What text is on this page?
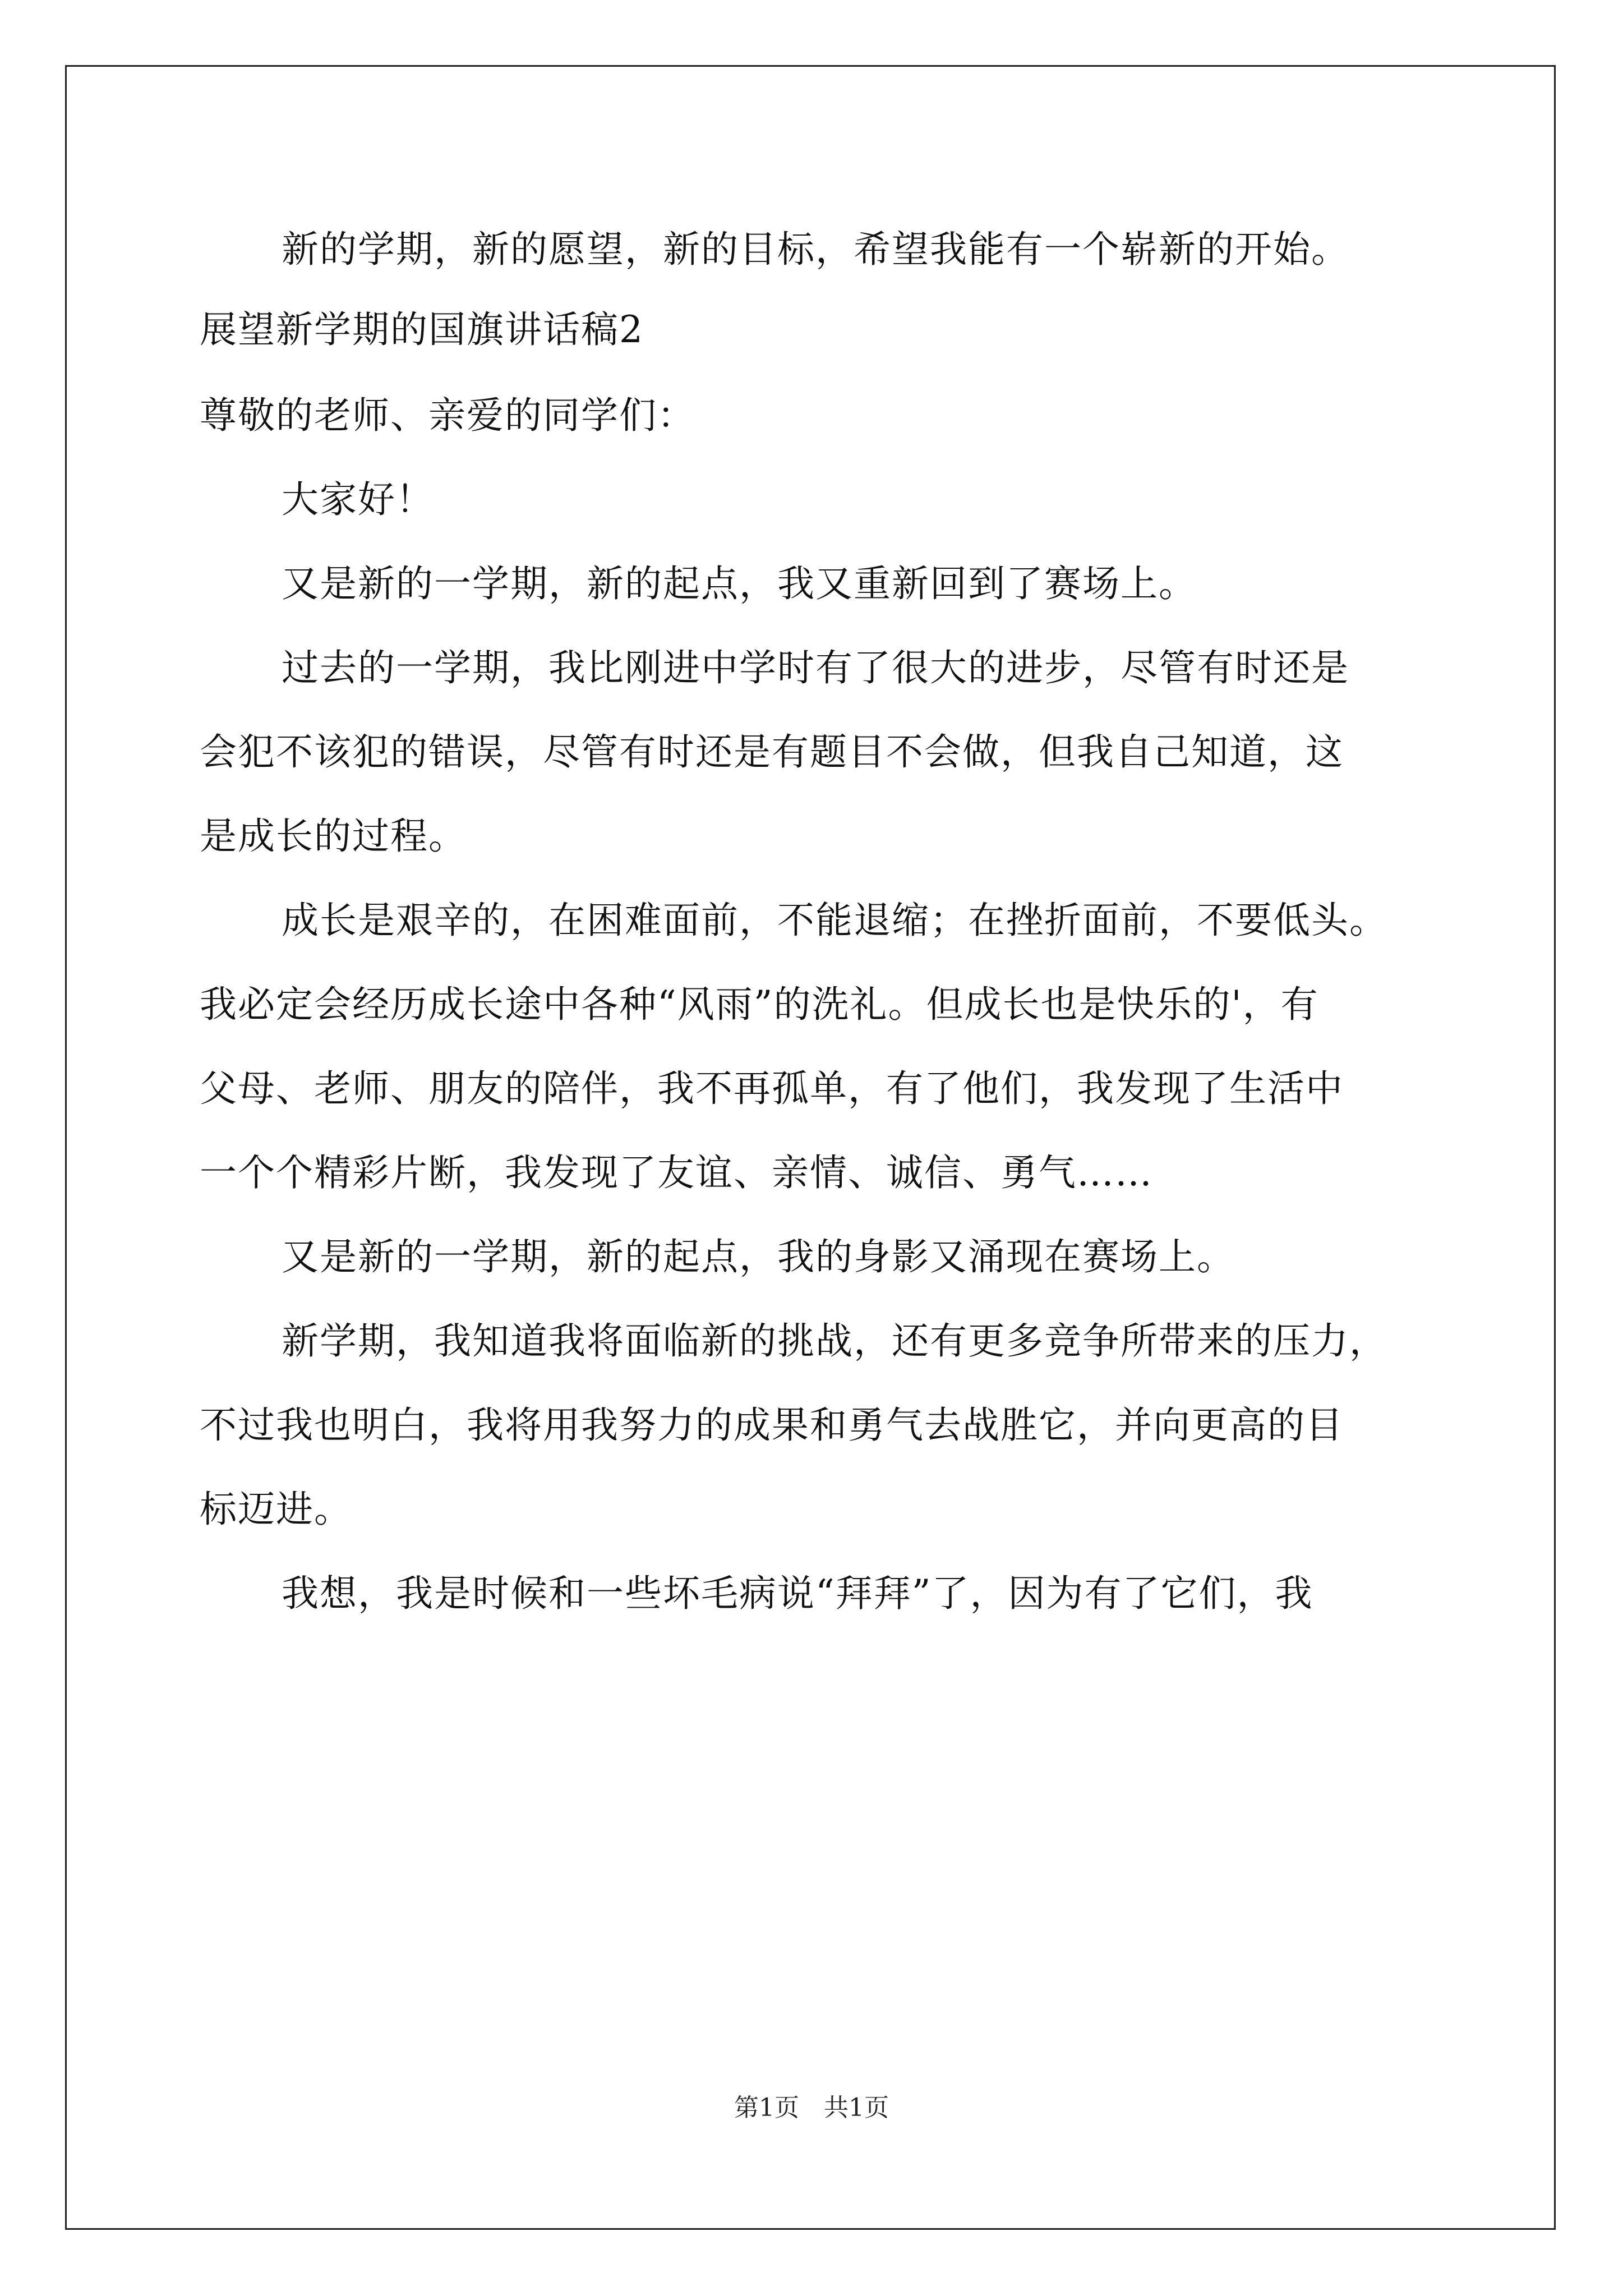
新的学期，新的愿望，新的目标，希望我能有一个崭新的开始。
展望新学期的国旗讲话稿2
尊敬的老师、亲爱的同学们：
大家好！
又是新的一学期，新的起点，我又重新回到了赛场上。
过去的一学期，我比刚进中学时有了很大的进步，尽管有时还是
会犯不该犯的错误，尽管有时还是有题目不会做，但我自己知道，这
是成长的过程。
成长是艰辛的，在困难面前，不能退缩；在挫折面前，不要低头。
我必定会经历成长途中各种“风雨”的洗礼。但成长也是快乐的'，有
父母、老师、朋友的陪伴，我不再孤单，有了他们，我发现了生活中
一个个精彩片断，我发现了友谊、亲情、诚信、勇气……
又是新的一学期，新的起点，我的身影又涌现在赛场上。
新学期，我知道我将面临新的挑战，还有更多竞争所带来的压力，
不过我也明白，我将用我努力的成果和勇气去战胜它，并向更高的目
标迈进。
我想，我是时候和一些坏毛病说“拜拜”了，因为有了它们，我
第1页　共1页
